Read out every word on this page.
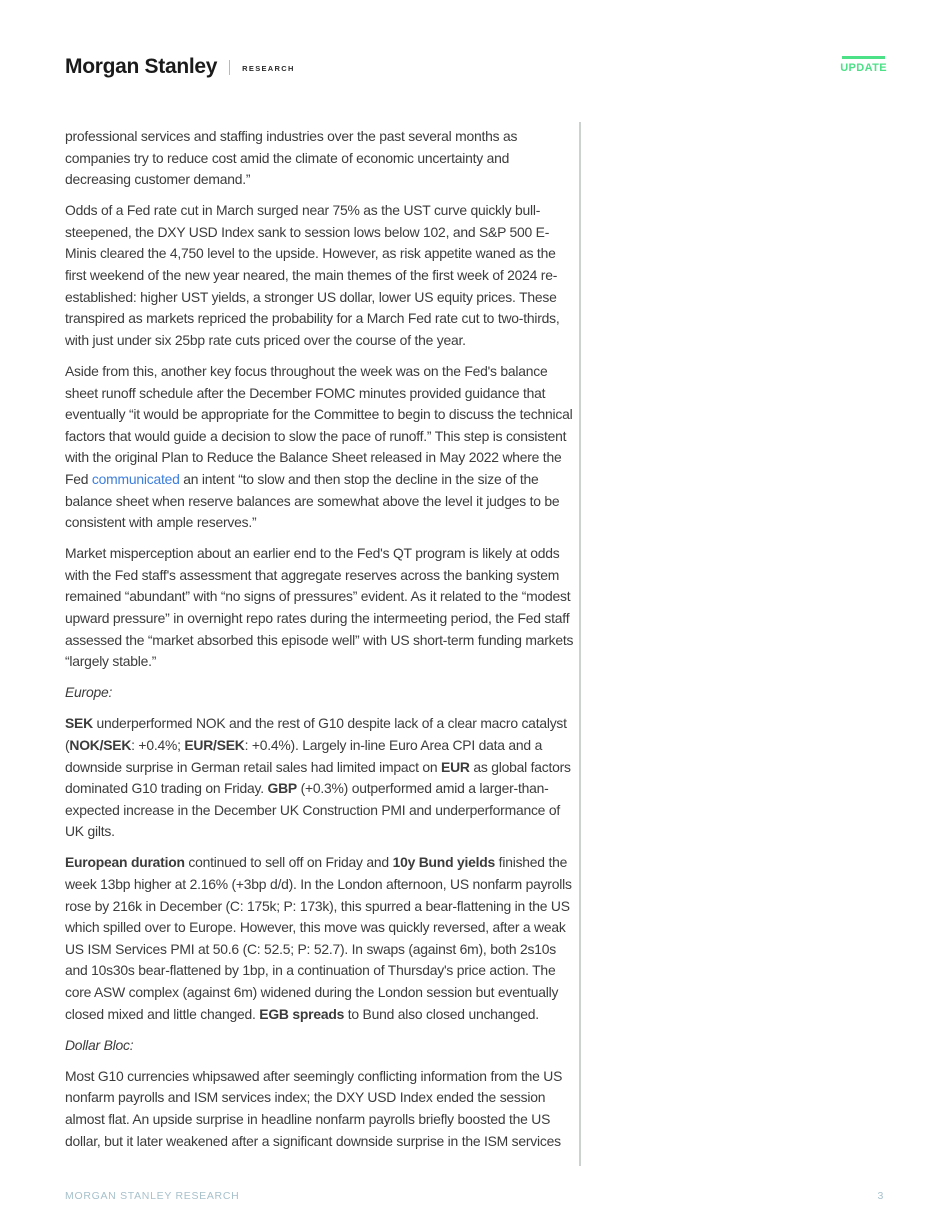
Morgan Stanley	RESEARCH	UPDATE

professional services and staffing industries over the past several months as companies try to reduce cost amid the climate of economic uncertainty and decreasing customer demand.”

Odds of a Fed rate cut in March surged near 75% as the UST curve quickly bull-steepened, the DXY USD Index sank to session lows below 102, and S&P 500 E-Minis cleared the 4,750 level to the upside. However, as risk appetite waned as the first weekend of the new year neared, the main themes of the first week of 2024 re-established: higher UST yields, a stronger US dollar, lower US equity prices. These transpired as markets repriced the probability for a March Fed rate cut to two-thirds, with just under six 25bp rate cuts priced over the course of the year.

Aside from this, another key focus throughout the week was on the Fed's balance sheet runoff schedule after the December FOMC minutes provided guidance that eventually “it would be appropriate for the Committee to begin to discuss the technical factors that would guide a decision to slow the pace of runoff.” This step is consistent with the original Plan to Reduce the Balance Sheet released in May 2022 where the Fed communicated an intent “to slow and then stop the decline in the size of the balance sheet when reserve balances are somewhat above the level it judges to be consistent with ample reserves.”

Market misperception about an earlier end to the Fed's QT program is likely at odds with the Fed staff's assessment that aggregate reserves across the banking system remained “abundant” with “no signs of pressures” evident. As it related to the “modest upward pressure” in overnight repo rates during the intermeeting period, the Fed staff assessed the “market absorbed this episode well” with US short-term funding markets “largely stable.”

Europe:

SEK underperformed NOK and the rest of G10 despite lack of a clear macro catalyst (NOK/SEK: +0.4%; EUR/SEK: +0.4%). Largely in-line Euro Area CPI data and a downside surprise in German retail sales had limited impact on EUR as global factors dominated G10 trading on Friday. GBP (+0.3%) outperformed amid a larger-than-expected increase in the December UK Construction PMI and underperformance of UK gilts.

European duration continued to sell off on Friday and 10y Bund yields finished the week 13bp higher at 2.16% (+3bp d/d). In the London afternoon, US nonfarm payrolls rose by 216k in December (C: 175k; P: 173k), this spurred a bear-flattening in the US which spilled over to Europe. However, this move was quickly reversed, after a weak US ISM Services PMI at 50.6 (C: 52.5; P: 52.7). In swaps (against 6m), both 2s10s and 10s30s bear-flattened by 1bp, in a continuation of Thursday's price action. The core ASW complex (against 6m) widened during the London session but eventually closed mixed and little changed. EGB spreads to Bund also closed unchanged.

Dollar Bloc:

Most G10 currencies whipsawed after seemingly conflicting information from the US nonfarm payrolls and ISM services index; the DXY USD Index ended the session almost flat. An upside surprise in headline nonfarm payrolls briefly boosted the US dollar, but it later weakened after a significant downside surprise in the ISM services

MORGAN STANLEY RESEARCH	3
